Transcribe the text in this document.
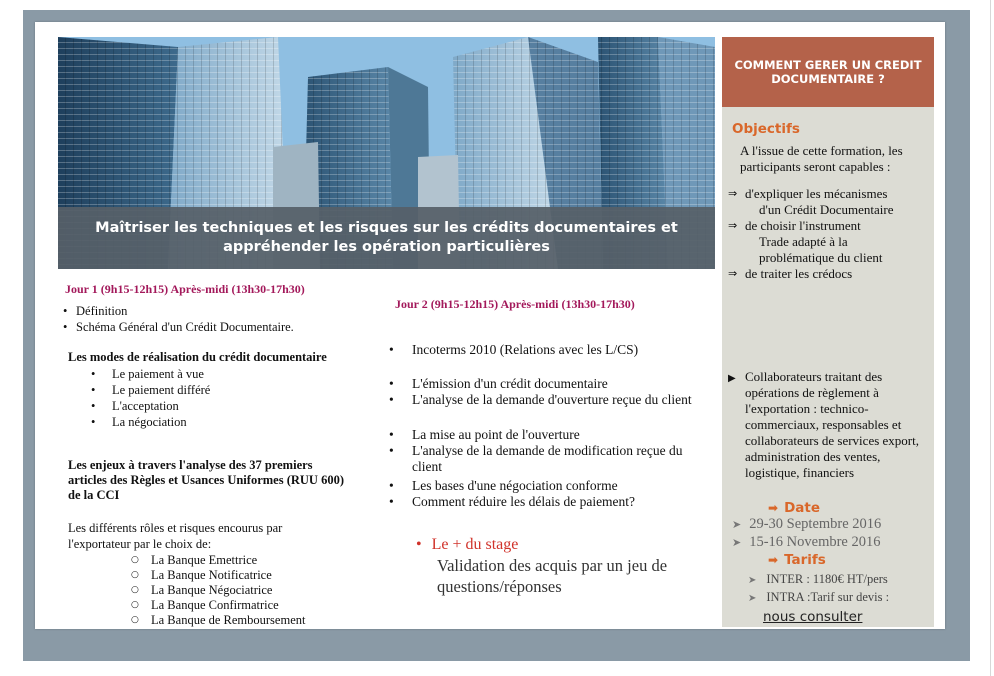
Maîtriser les techniques et les risques sur les crédits documentaires et
appréhender les opération particulières
COMMENT GERER UN CREDIT
DOCUMENTAIRE ?
Objectifs
A l'issue de cette formation, les participants seront capables :
⇒ d'expliquer les mécanismes
d'un Crédit Documentaire
⇒ de choisir l'instrument
Trade adapté à la
problématique du client
⇒ de traiter les crédocs
▶ Collaborateurs traitant des opérations de règlement à l'exportation : technico-commerciaux, responsables et collaborateurs de services export, administration des ventes, logistique, financiers
➡ Date
➤ 29-30 Septembre 2016
➤ 15-16 Novembre 2016
➡ Tarifs
➤ INTER : 1180€ HT/pers
➤ INTRA :Tarif sur devis :
nous consulter
Jour 1 (9h15-12h15) Après-midi (13h30-17h30)
• Définition
• Schéma Général d'un Crédit Documentaire.
Les modes de réalisation du crédit documentaire
• Le paiement à vue
• Le paiement différé
• L'acceptation
• La négociation
Les enjeux à travers l'analyse des 37 premiers
articles des Règles et Usances Uniformes (RUU 600)
de la CCI
Les différents rôles et risques encourus par
l'exportateur par le choix de:
○ La Banque Emettrice
○ La Banque Notificatrice
○ La Banque Négociatrice
○ La Banque Confirmatrice
○ La Banque de Remboursement
Jour 2 (9h15-12h15) Après-midi (13h30-17h30)
• Incoterms 2010 (Relations avec les L/CS)
• L'émission d'un crédit documentaire
• L'analyse de la demande d'ouverture reçue du client
• La mise au point de l'ouverture
• L'analyse de la demande de modification reçue du client
• Les bases d'une négociation conforme
• Comment réduire les délais de paiement?
• Le + du stage
Validation des acquis par un jeu de questions/réponses
